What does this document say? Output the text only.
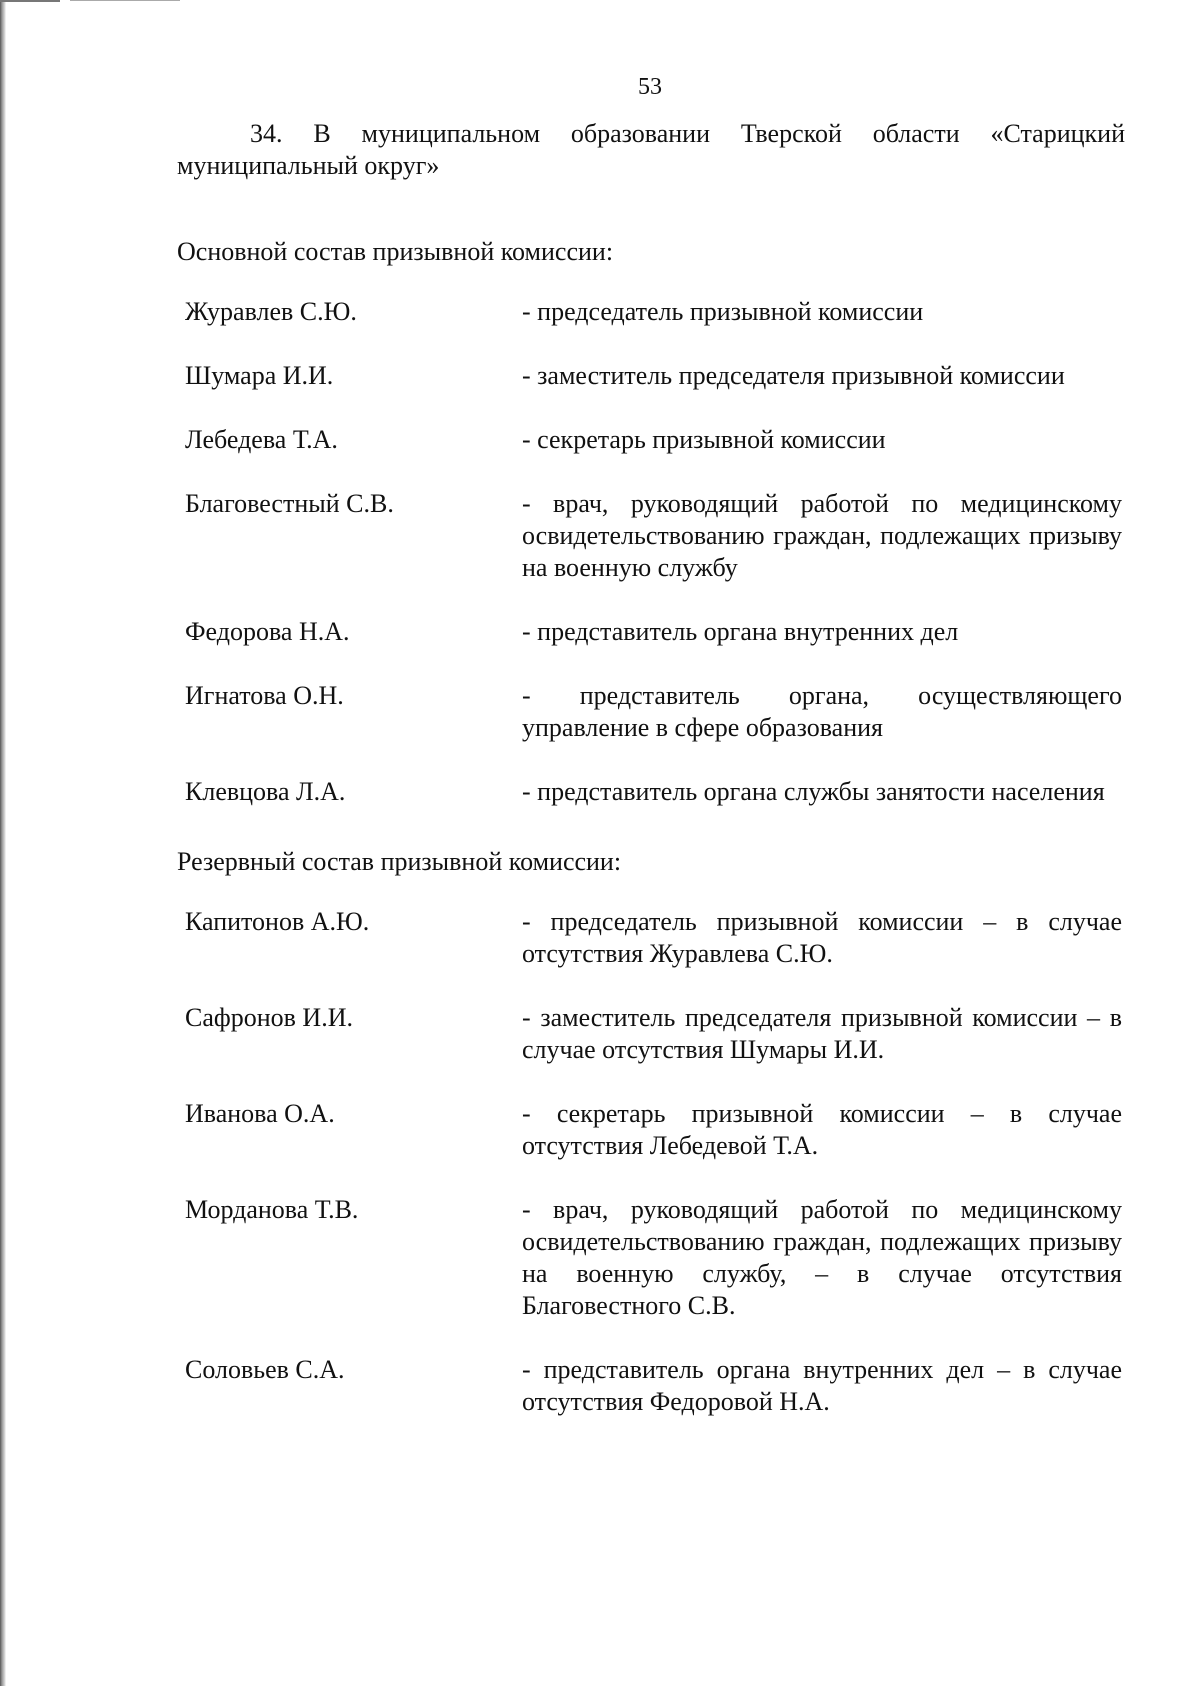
53

34. В муниципальном образовании Тверской области «Старицкий муниципальный округ»

Основной состав призывной комиссии:
Журавлев С.Ю.	- председатель призывной комиссии
Шумара И.И.	- заместитель председателя призывной комиссии
Лебедева Т.А.	- секретарь призывной комиссии
Благовестный С.В.	- врач, руководящий работой по медицинскому освидетельствованию граждан, подлежащих призыву на военную службу
Федорова Н.А.	- представитель органа внутренних дел
Игнатова О.Н.	- представитель органа, осуществляющего управление в сфере образования
Клевцова Л.А.	- представитель органа службы занятости населения
Резервный состав призывной комиссии:
Капитонов А.Ю.	- председатель призывной комиссии – в случае отсутствия Журавлева С.Ю.
Сафронов И.И.	- заместитель председателя призывной комиссии – в случае отсутствия Шумары И.И.
Иванова О.А.	- секретарь призывной комиссии – в случае отсутствия Лебедевой Т.А.
Морданова Т.В.	- врач, руководящий работой по медицинскому освидетельствованию граждан, подлежащих призыву на военную службу, – в случае отсутствия Благовестного С.В.
Соловьев С.А.	- представитель органа внутренних дел – в случае отсутствия Федоровой Н.А.
